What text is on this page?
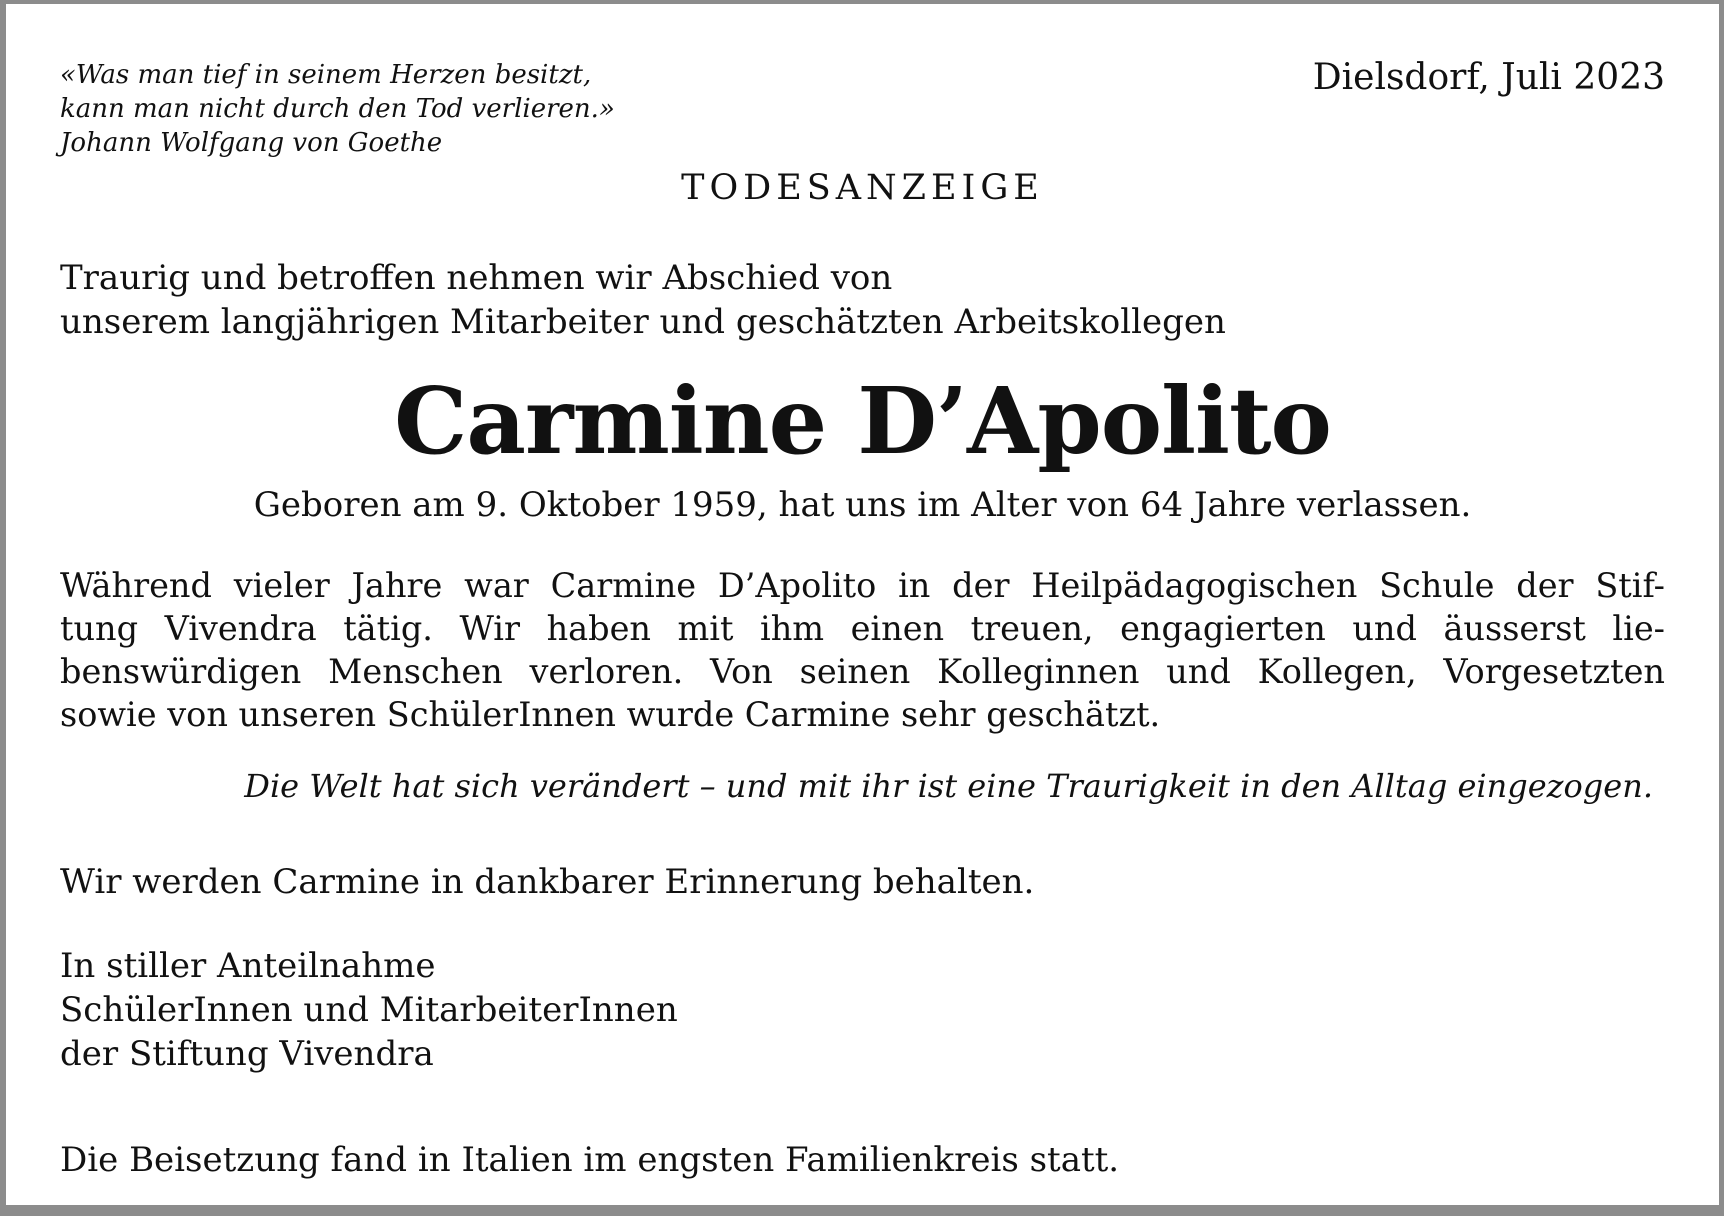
«Was man tief in seinem Herzen besitzt,
kann man nicht durch den Tod verlieren.»
Johann Wolfgang von Goethe
Dielsdorf, Juli 2023
TODESANZEIGE
Traurig und betroffen nehmen wir Abschied von
unserem langjährigen Mitarbeiter und geschätzten Arbeitskollegen
Carmine D’Apolito
Geboren am 9. Oktober 1959, hat uns im Alter von 64 Jahre verlassen.
Während vieler Jahre war Carmine D’Apolito in der Heilpädagogischen Schule der Stif-
tung Vivendra tätig. Wir haben mit ihm einen treuen, engagierten und äusserst lie-
benswürdigen Menschen verloren. Von seinen Kolleginnen und Kollegen, Vorgesetzten
sowie von unseren SchülerInnen wurde Carmine sehr geschätzt.
Die Welt hat sich verändert – und mit ihr ist eine Traurigkeit in den Alltag eingezogen.
Wir werden Carmine in dankbarer Erinnerung behalten.
In stiller Anteilnahme
SchülerInnen und MitarbeiterInnen
der Stiftung Vivendra
Die Beisetzung fand in Italien im engsten Familienkreis statt.
